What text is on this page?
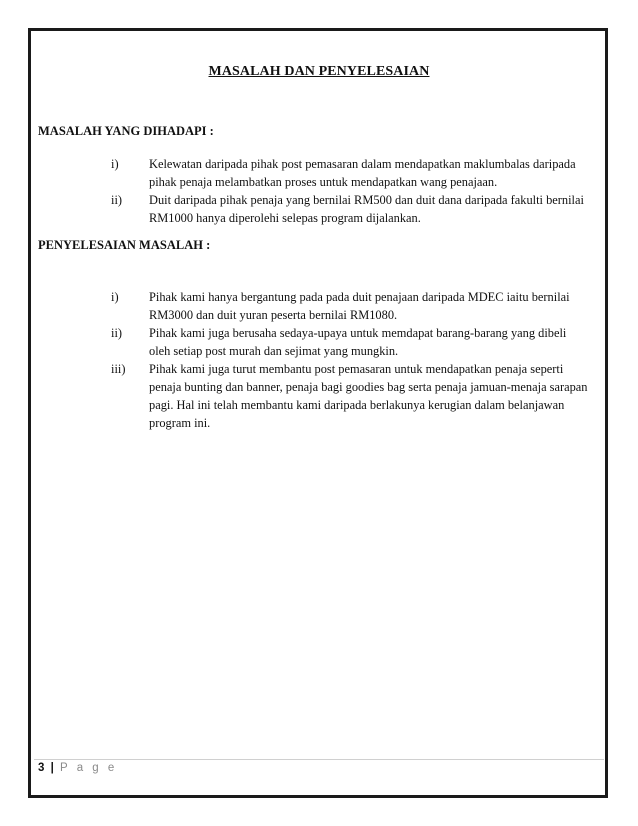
MASALAH DAN PENYELESAIAN
MASALAH YANG DIHADAPI :
i)	Kelewatan daripada pihak post pemasaran dalam mendapatkan maklumbalas daripada pihak penaja melambatkan proses untuk mendapatkan wang penajaan.
ii)	Duit daripada pihak penaja yang bernilai RM500 dan duit dana daripada fakulti bernilai RM1000 hanya diperolehi selepas program dijalankan.
PENYELESAIAN MASALAH :
i)	Pihak kami hanya bergantung pada pada duit penajaan daripada MDEC iaitu bernilai RM3000 dan duit yuran peserta bernilai RM1080.
ii)	Pihak kami juga berusaha sedaya-upaya untuk memdapat barang-barang yang dibeli oleh setiap post murah dan sejimat yang mungkin.
iii)	Pihak kami juga turut membantu post pemasaran untuk mendapatkan penaja seperti penaja bunting dan banner, penaja bagi goodies bag serta penaja jamuan-menaja sarapan pagi. Hal ini telah membantu kami daripada berlakunya kerugian dalam belanjawan program ini.
3 | P a g e
